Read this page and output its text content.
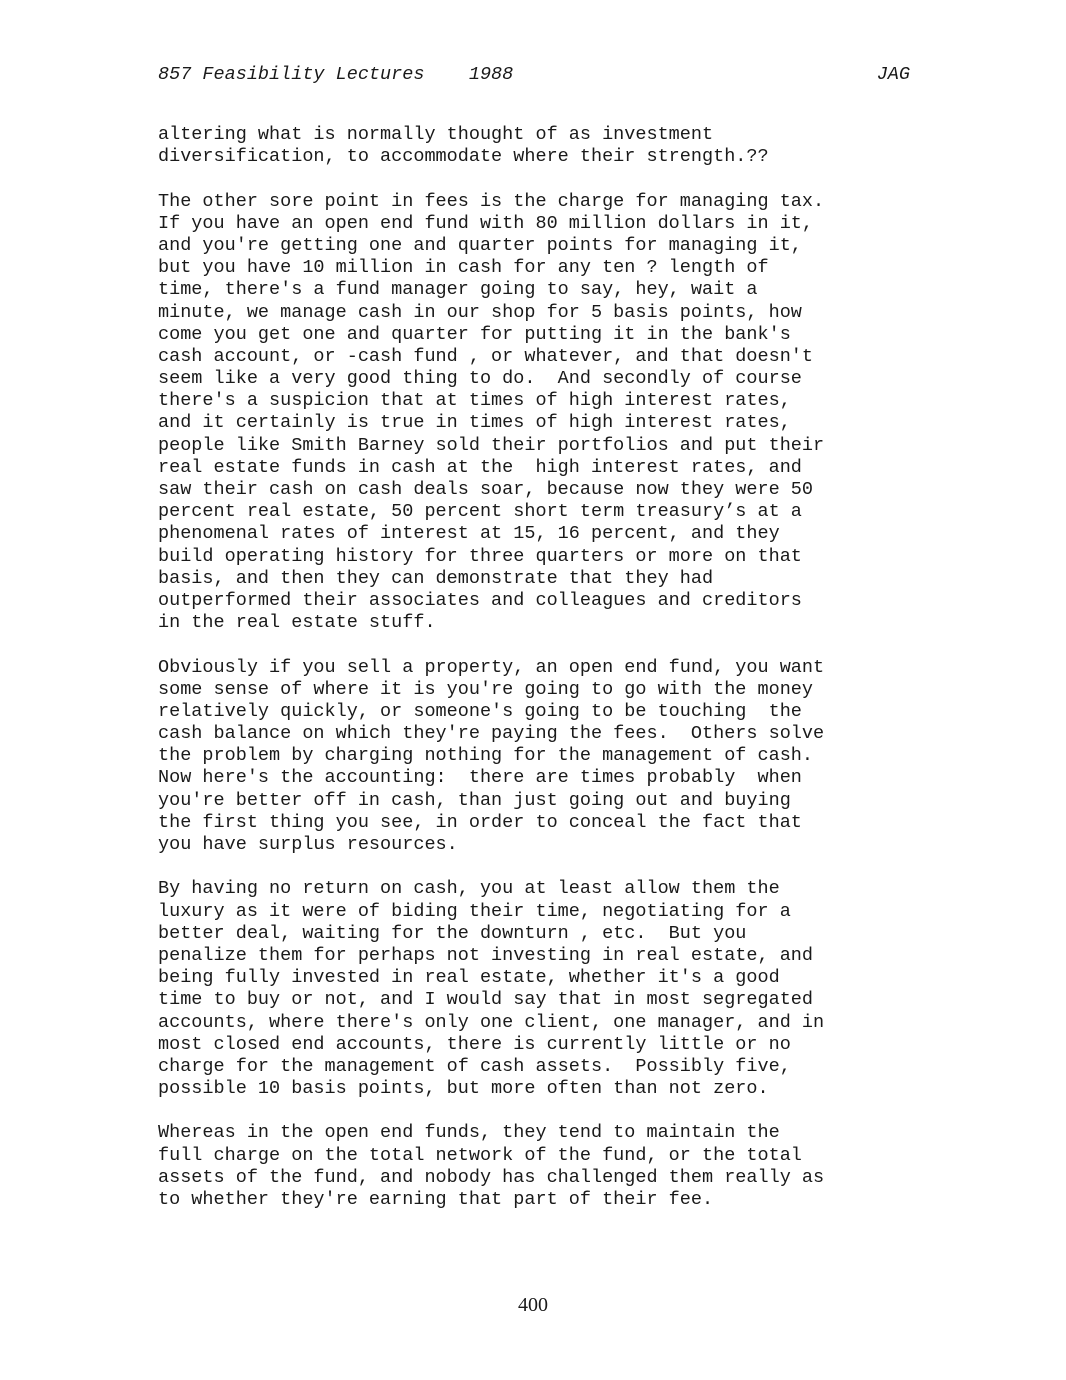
857 Feasibility Lectures    1988

	JAG

altering what is normally thought of as investment
diversification, to accommodate where their strength.??
The other sore point in fees is the charge for managing tax.
If you have an open end fund with 80 million dollars in it,
and you're getting one and quarter points for managing it,
but you have 10 million in cash for any ten ? length of
time, there's a fund manager going to say, hey, wait a
minute, we manage cash in our shop for 5 basis points, how
come you get one and quarter for putting it in the bank's
cash account, or -cash fund , or whatever, and that doesn't
seem like a very good thing to do.  And secondly of course
there's a suspicion that at times of high interest rates,
and it certainly is true in times of high interest rates,
people like Smith Barney sold their portfolios and put their
real estate funds in cash at the  high interest rates, and
saw their cash on cash deals soar, because now they were 50
percent real estate, 50 percent short term treasury’s at a
phenomenal rates of interest at 15, 16 percent, and they
build operating history for three quarters or more on that
basis, and then they can demonstrate that they had
outperformed their associates and colleagues and creditors
in the real estate stuff.
Obviously if you sell a property, an open end fund, you want
some sense of where it is you're going to go with the money
relatively quickly, or someone's going to be touching  the
cash balance on which they're paying the fees.  Others solve
the problem by charging nothing for the management of cash.
Now here's the accounting:  there are times probably  when
you're better off in cash, than just going out and buying
the first thing you see, in order to conceal the fact that
you have surplus resources.
By having no return on cash, you at least allow them the
luxury as it were of biding their time, negotiating for a
better deal, waiting for the downturn , etc.  But you
penalize them for perhaps not investing in real estate, and
being fully invested in real estate, whether it's a good
time to buy or not, and I would say that in most segregated
accounts, where there's only one client, one manager, and in
most closed end accounts, there is currently little or no
charge for the management of cash assets.  Possibly five,
possible 10 basis points, but more often than not zero.
Whereas in the open end funds, they tend to maintain the
full charge on the total network of the fund, or the total
assets of the fund, and nobody has challenged them really as
to whether they're earning that part of their fee.
400
